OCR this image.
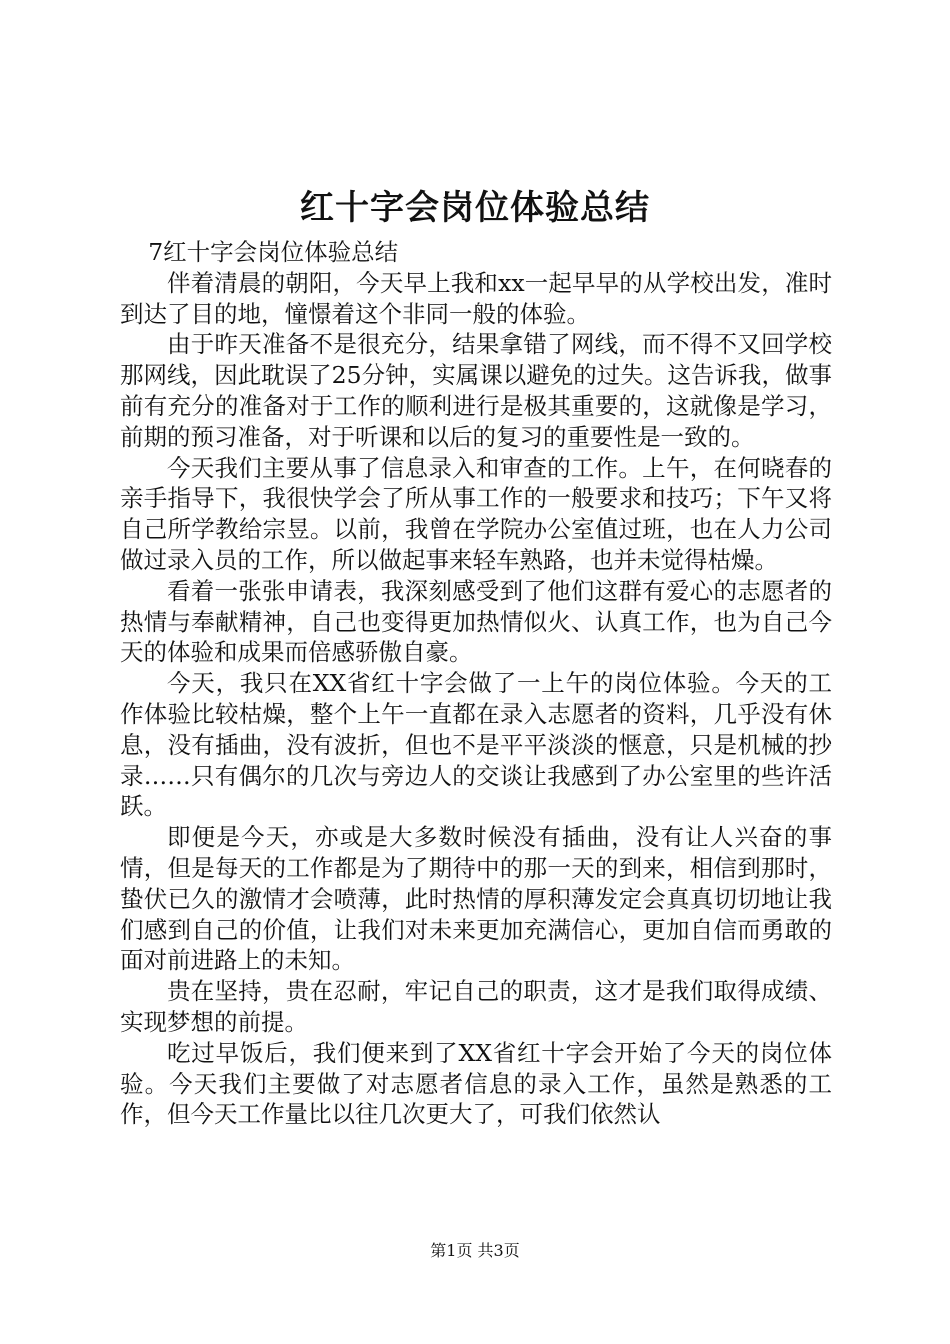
红十字会岗位体验总结

7红十字会岗位体验总结

伴着清晨的朝阳，今天早上我和xx一起早早的从学校出发，准时到达了目的地，憧憬着这个非同一般的体验。

由于昨天准备不是很充分，结果拿错了网线，而不得不又回学校那网线，因此耽误了25分钟，实属课以避免的过失。这告诉我，做事前有充分的准备对于工作的顺利进行是极其重要的，这就像是学习，前期的预习准备，对于听课和以后的复习的重要性是一致的。

今天我们主要从事了信息录入和审查的工作。上午，在何晓春的亲手指导下，我很快学会了所从事工作的一般要求和技巧；下午又将自己所学教给宗昱。以前，我曾在学院办公室值过班，也在人力公司做过录入员的工作，所以做起事来轻车熟路，也并未觉得枯燥。

看着一张张申请表，我深刻感受到了他们这群有爱心的志愿者的热情与奉献精神，自己也变得更加热情似火、认真工作，也为自己今天的体验和成果而倍感骄傲自豪。

今天，我只在XX省红十字会做了一上午的岗位体验。今天的工作体验比较枯燥，整个上午一直都在录入志愿者的资料，几乎没有休息，没有插曲，没有波折，但也不是平平淡淡的惬意，只是机械的抄录……只有偶尔的几次与旁边人的交谈让我感到了办公室里的些许活跃。

即便是今天，亦或是大多数时候没有插曲，没有让人兴奋的事情，但是每天的工作都是为了期待中的那一天的到来，相信到那时，蛰伏已久的激情才会喷薄，此时热情的厚积薄发定会真真切切地让我们感到自己的价值，让我们对未来更加充满信心，更加自信而勇敢的面对前进路上的未知。

贵在坚持，贵在忍耐，牢记自己的职责，这才是我们取得成绩、实现梦想的前提。

吃过早饭后，我们便来到了XX省红十字会开始了今天的岗位体验。今天我们主要做了对志愿者信息的录入工作，虽然是熟悉的工作，但今天工作量比以往几次更大了，可我们依然认

第1页 共3页
